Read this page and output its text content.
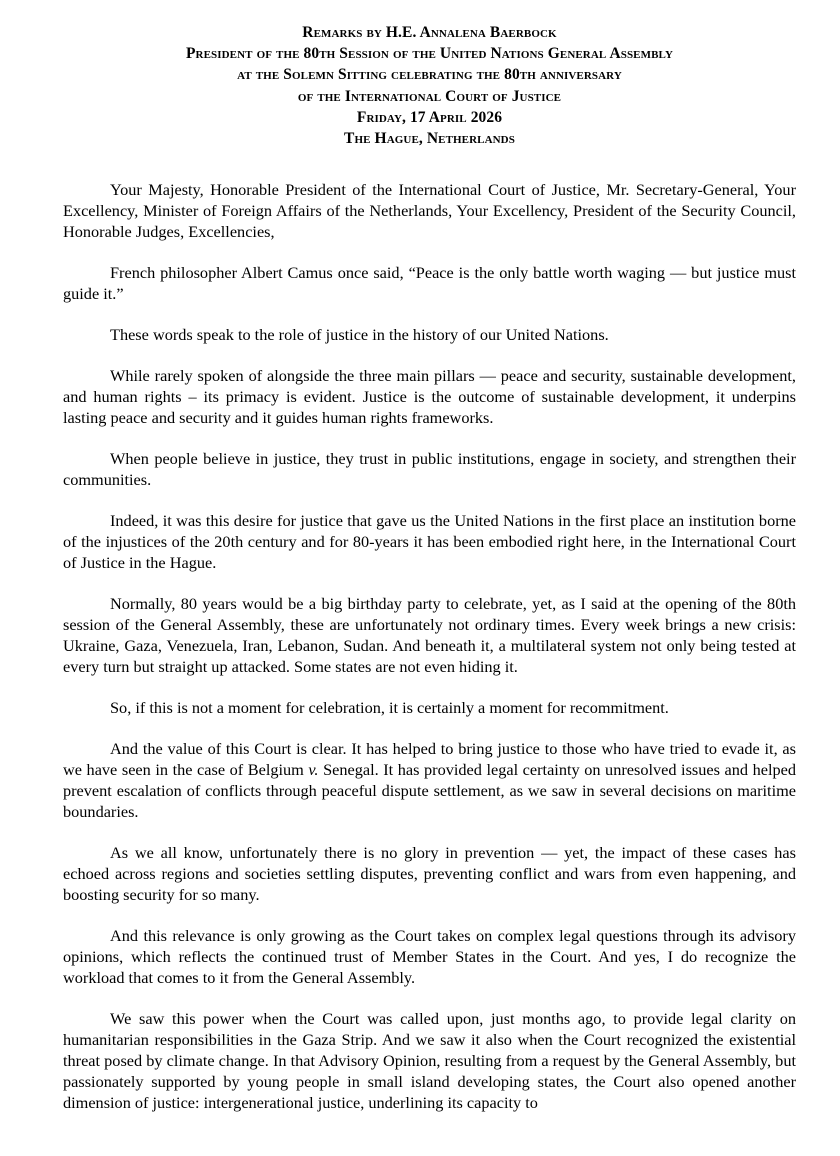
Remarks by H.E. Annalena Baerbock
President of the 80th Session of the United Nations General Assembly
at the Solemn Sitting celebrating the 80th anniversary
of the International Court of Justice
Friday, 17 April 2026
The Hague, Netherlands

Your Majesty, Honorable President of the International Court of Justice, Mr. Secretary-General, Your Excellency, Minister of Foreign Affairs of the Netherlands, Your Excellency, President of the Security Council, Honorable Judges, Excellencies,

French philosopher Albert Camus once said, “Peace is the only battle worth waging — but justice must guide it.”

These words speak to the role of justice in the history of our United Nations.

While rarely spoken of alongside the three main pillars — peace and security, sustainable development, and human rights – its primacy is evident. Justice is the outcome of sustainable development, it underpins lasting peace and security and it guides human rights frameworks.

When people believe in justice, they trust in public institutions, engage in society, and strengthen their communities.

Indeed, it was this desire for justice that gave us the United Nations in the first place an institution borne of the injustices of the 20th century and for 80-years it has been embodied right here, in the International Court of Justice in the Hague.

Normally, 80 years would be a big birthday party to celebrate, yet, as I said at the opening of the 80th session of the General Assembly, these are unfortunately not ordinary times. Every week brings a new crisis: Ukraine, Gaza, Venezuela, Iran, Lebanon, Sudan. And beneath it, a multilateral system not only being tested at every turn but straight up attacked. Some states are not even hiding it.

So, if this is not a moment for celebration, it is certainly a moment for recommitment.

And the value of this Court is clear. It has helped to bring justice to those who have tried to evade it, as we have seen in the case of Belgium v. Senegal. It has provided legal certainty on unresolved issues and helped prevent escalation of conflicts through peaceful dispute settlement, as we saw in several decisions on maritime boundaries.

As we all know, unfortunately there is no glory in prevention — yet, the impact of these cases has echoed across regions and societies settling disputes, preventing conflict and wars from even happening, and boosting security for so many.

And this relevance is only growing as the Court takes on complex legal questions through its advisory opinions, which reflects the continued trust of Member States in the Court. And yes, I do recognize the workload that comes to it from the General Assembly.

We saw this power when the Court was called upon, just months ago, to provide legal clarity on humanitarian responsibilities in the Gaza Strip. And we saw it also when the Court recognized the existential threat posed by climate change. In that Advisory Opinion, resulting from a request by the General Assembly, but passionately supported by young people in small island developing states, the Court also opened another dimension of justice: intergenerational justice, underlining its capacity to
